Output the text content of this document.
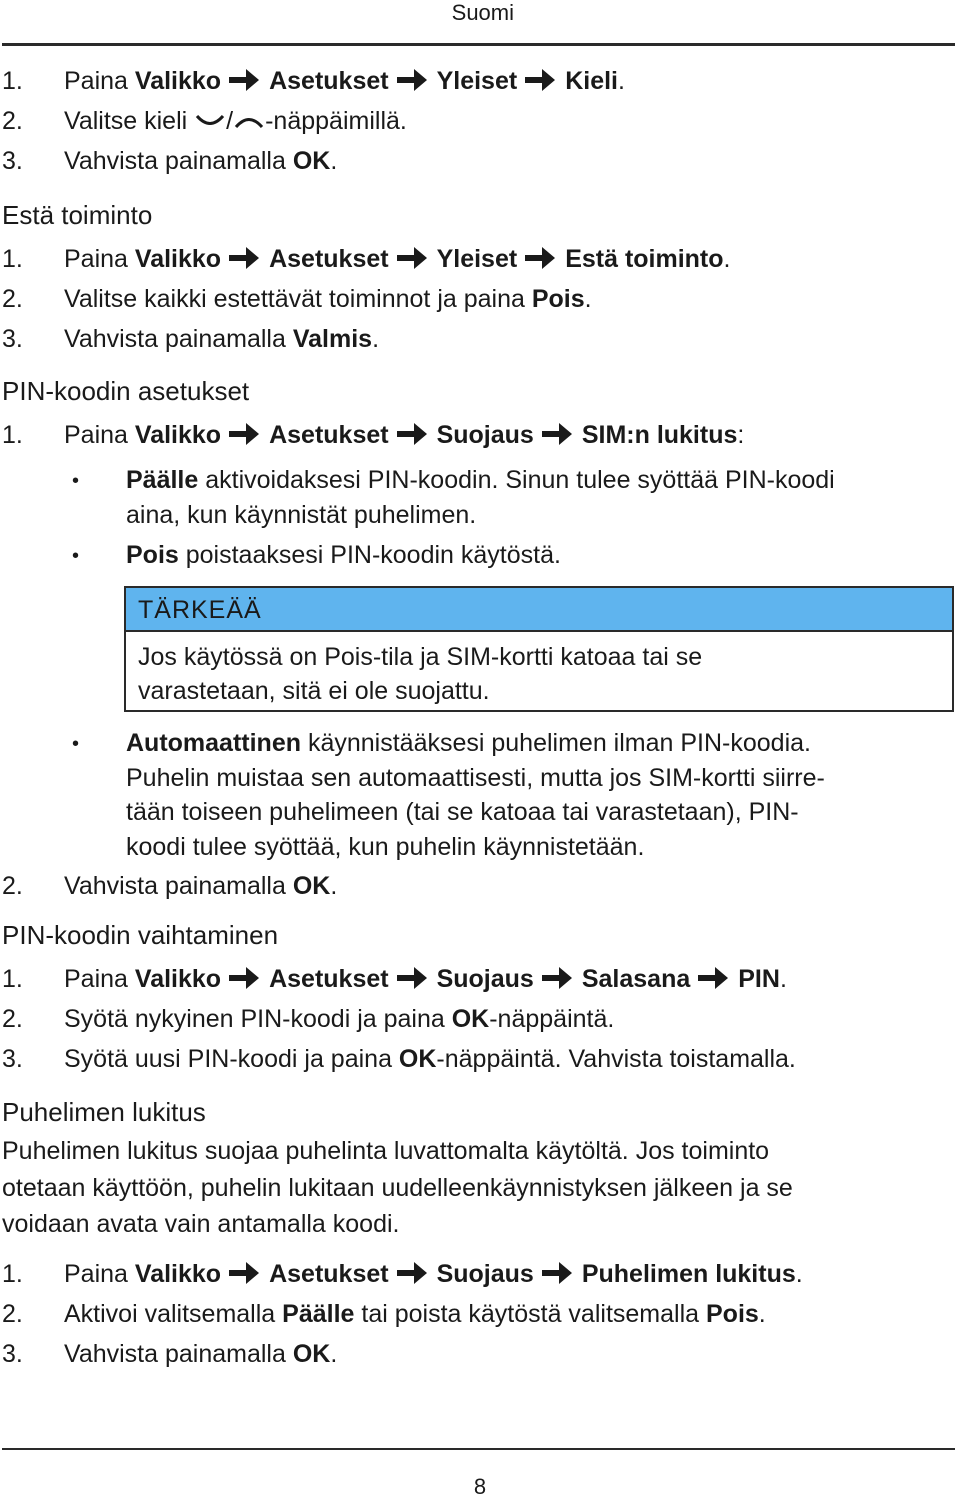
Suomi
1. Paina Valikko Asetukset Yleiset Kieli.
2. Valitse kieli / -näppäimillä.
3. Vahvista painamalla OK.
Estä toiminto
1. Paina Valikko Asetukset Yleiset Estä toiminto.
2. Valitse kaikki estettävät toiminnot ja paina Pois.
3. Vahvista painamalla Valmis.
PIN-koodin asetukset
1. Paina Valikko Asetukset Suojaus SIM:n lukitus:
• Päälle aktivoidaksesi PIN-koodin. Sinun tulee syöttää PIN-koodi
aina, kun käynnistät puhelimen.
• Pois poistaaksesi PIN-koodin käytöstä.
TÄRKEÄÄ
Jos käytössä on Pois-tila ja SIM-kortti katoaa tai se
varastetaan, sitä ei ole suojattu.
• Automaattinen käynnistääksesi puhelimen ilman PIN-koodia.
Puhelin muistaa sen automaattisesti, mutta jos SIM-kortti siirre-
tään toiseen puhelimeen (tai se katoaa tai varastetaan), PIN-
koodi tulee syöttää, kun puhelin käynnistetään.
2. Vahvista painamalla OK.
PIN-koodin vaihtaminen
1. Paina Valikko Asetukset Suojaus Salasana PIN.
2. Syötä nykyinen PIN-koodi ja paina OK-näppäintä.
3. Syötä uusi PIN-koodi ja paina OK-näppäintä. Vahvista toistamalla.
Puhelimen lukitus
Puhelimen lukitus suojaa puhelinta luvattomalta käytöltä. Jos toiminto
otetaan käyttöön, puhelin lukitaan uudelleenkäynnistyksen jälkeen ja se
voidaan avata vain antamalla koodi.
1. Paina Valikko Asetukset Suojaus Puhelimen lukitus.
2. Aktivoi valitsemalla Päälle tai poista käytöstä valitsemalla Pois.
3. Vahvista painamalla OK.
8
